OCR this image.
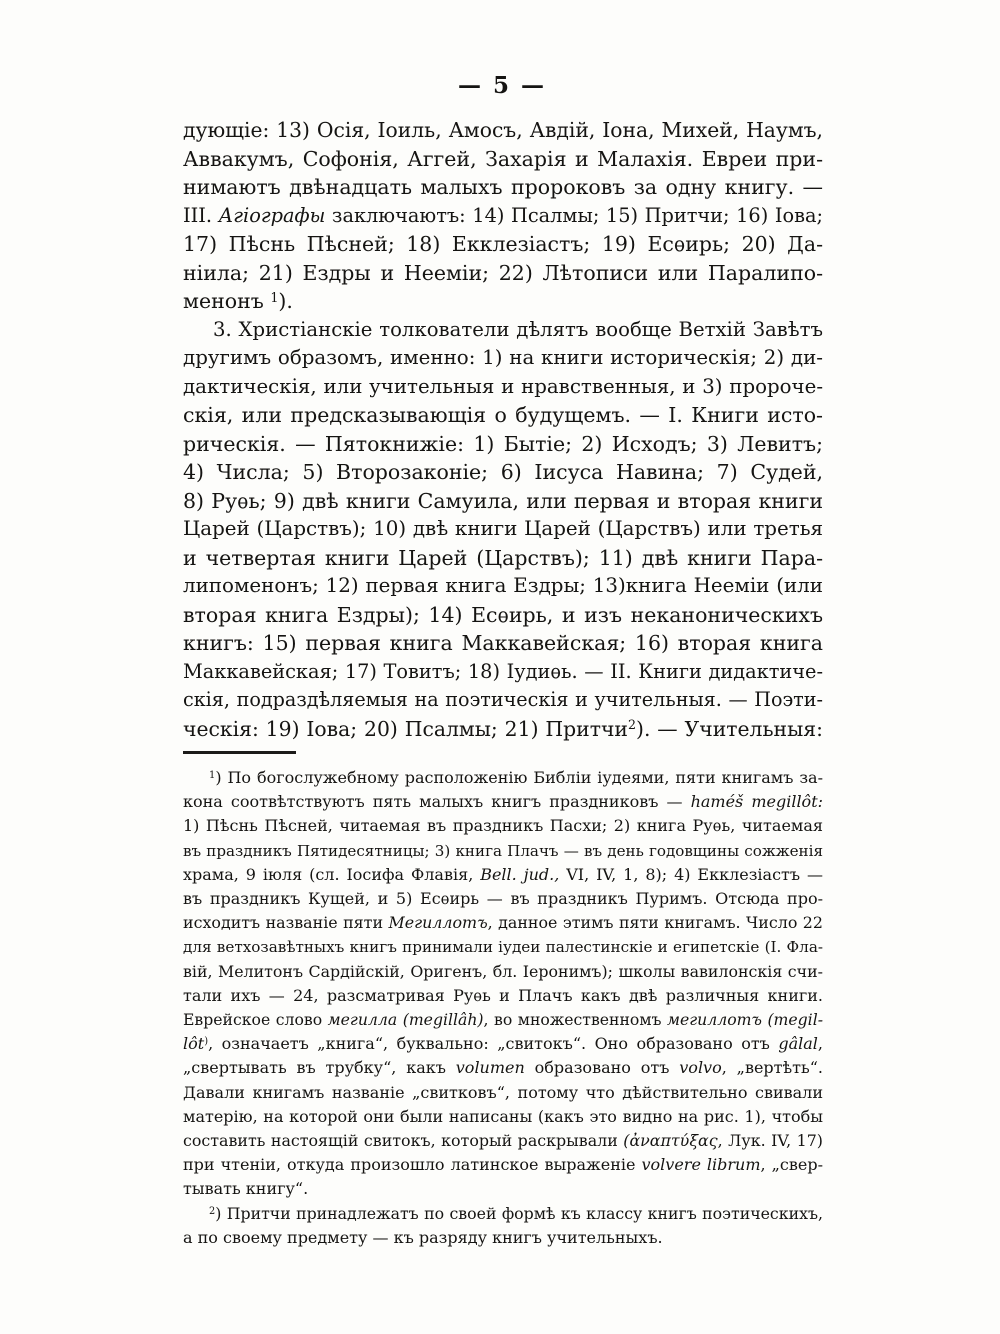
— 5 —
дующіе: 13) Осія, Іоиль, Амосъ, Авдій, Іона, Михей, Наумъ,
Аввакумъ, Софонія, Аггей, Захарія и Малахія. Евреи при-
нимаютъ двѣнадцать малыхъ пророковъ за одну книгу. —
III. Агіографы заключаютъ: 14) Псалмы; 15) Притчи; 16) Іова;
17) Пѣснь Пѣсней; 18) Екклезіастъ; 19) Есѳирь; 20) Да-
ніила; 21) Ездры и Нееміи; 22) Лѣтописи или Паралипо-
менонъ $^1$).
3. Христіанскіе толкователи дѣлятъ вообще Ветхій Завѣтъ
другимъ образомъ, именно: 1) на книги историческія; 2) ди-
дактическія, или учительныя и нравственныя, и 3) пророче-
скія, или предсказывающія о будущемъ. — I. Книги исто-
рическія. — Пятокнижіе: 1) Бытіе; 2) Исходъ; 3) Левитъ;
4) Числа; 5) Второзаконіе; 6) Іисуса Навина; 7) Судей,
8) Руѳь; 9) двѣ книги Самуила, или первая и вторая книги
Царей (Царствъ); 10) двѣ книги Царей (Царствъ) или третья
и четвертая книги Царей (Царствъ); 11) двѣ книги Пара-
липоменонъ; 12) первая книга Ездры; 13)книга Нееміи (или
вторая книга Ездры); 14) Есѳирь, и изъ неканоническихъ
книгъ: 15) первая книга Маккавейская; 16) вторая книга
Маккавейская; 17) Товитъ; 18) Іудиѳь. — II. Книги дидактиче-
скія, подраздѣляемыя на поэтическія и учительныя. — Поэти-
ческія: 19) Іова; 20) Псалмы; 21) Притчи$^2$). — Учительныя:
$^1$) По богослужебному расположенію Библіи іудеями, пяти книгамъ за-
кона соотвѣтствуютъ пять малыхъ книгъ праздниковъ — haméš megillôt:
1) Пѣснь Пѣсней, читаемая въ праздникъ Пасхи; 2) книга Руѳь, читаемая
въ праздникъ Пятидесятницы; 3) книга Плачъ — въ день годовщины сожженія
храма, 9 іюля (сл. Іосифа Флавія, Bell. jud., VI, IV, 1, 8); 4) Екклезіастъ —
въ праздникъ Кущей, и 5) Есѳирь — въ праздникъ Пуримъ. Отсюда про-
исходитъ названіе пяти Мегиллотъ, данное этимъ пяти книгамъ. Число 22
для ветхозавѣтныхъ книгъ принимали іудеи палестинскіе и египетскіе (І. Фла-
вій, Мелитонъ Сардійскій, Оригенъ, бл. Іеронимъ); школы вавилонскія счи-
тали ихъ — 24, разсматривая Руѳь и Плачъ какъ двѣ различныя книги.
Еврейское слово мегилла (megillâh), во множественномъ мегиллотъ (megil-
lôt), означаетъ „книга“, буквально: „свитокъ“. Оно образовано отъ gâlal,
„свертывать въ трубку“, какъ volumen образовано отъ volvo, „вертѣть“.
Давали книгамъ названіе „свитковъ“, потому что дѣйствительно свивали
матерію, на которой они были написаны (какъ это видно на рис. 1), чтобы
составить настоящій свитокъ, который раскрывали (ἀναπτύξας, Лук. IV, 17)
при чтеніи, откуда произошло латинское выраженіе volvere librum, „свер-
тывать книгу“.
$^2$) Притчи принадлежатъ по своей формѣ къ классу книгъ поэтическихъ,
а по своему предмету — къ разряду книгъ учительныхъ.
